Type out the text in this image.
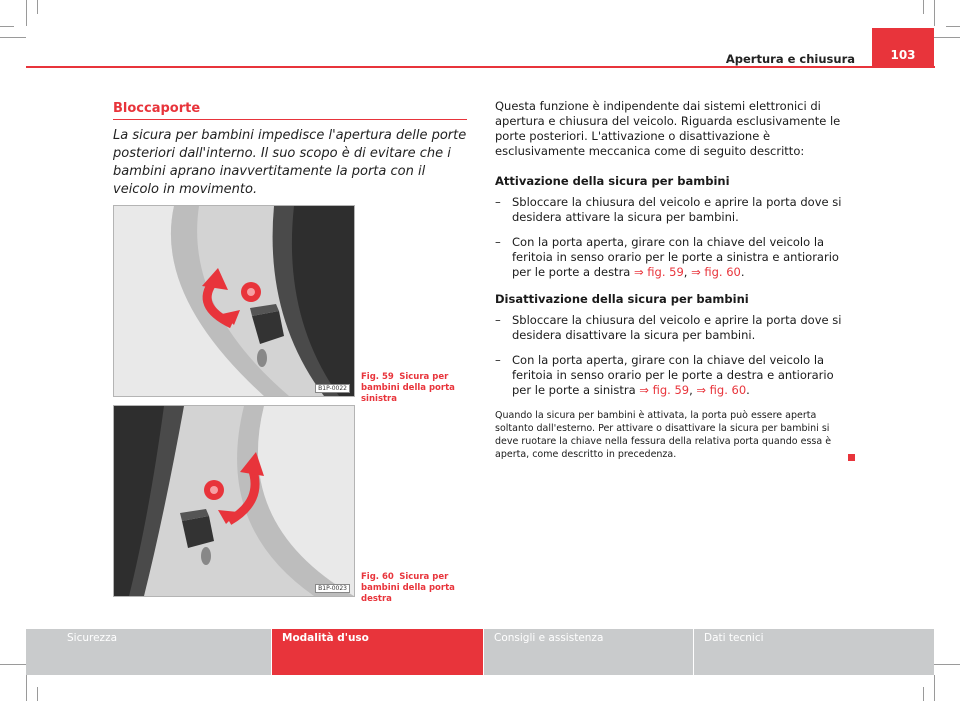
Apertura e chiusura	103
Bloccaporte
La sicura per bambini impedisce l'apertura delle porte posteriori dall'interno. Il suo scopo è di evitare che i bambini aprano inavvertitamente la porta con il veicolo in movimento.
B1P-0022
Fig. 59 Sicura per bambini della porta sinistra
B1P-0023
Fig. 60 Sicura per bambini della porta destra
Questa funzione è indipendente dai sistemi elettronici di apertura e chiusura del veicolo. Riguarda esclusivamente le porte posteriori. L'attivazione o disattivazione è esclusivamente meccanica come di seguito descritto:
Attivazione della sicura per bambini
– Sbloccare la chiusura del veicolo e aprire la porta dove si desidera attivare la sicura per bambini.
– Con la porta aperta, girare con la chiave del veicolo la feritoia in senso orario per le porte a sinistra e antiorario per le porte a destra ⇒ fig. 59, ⇒ fig. 60.
Disattivazione della sicura per bambini
– Sbloccare la chiusura del veicolo e aprire la porta dove si desidera disattivare la sicura per bambini.
– Con la porta aperta, girare con la chiave del veicolo la feritoia in senso orario per le porte a destra e antiorario per le porte a sinistra ⇒ fig. 59, ⇒ fig. 60.
Quando la sicura per bambini è attivata, la porta può essere aperta soltanto dall'esterno. Per attivare o disattivare la sicura per bambini si deve ruotare la chiave nella fessura della relativa porta quando essa è aperta, come descritto in precedenza.
Sicurezza	Modalità d'uso	Consigli e assistenza	Dati tecnici
